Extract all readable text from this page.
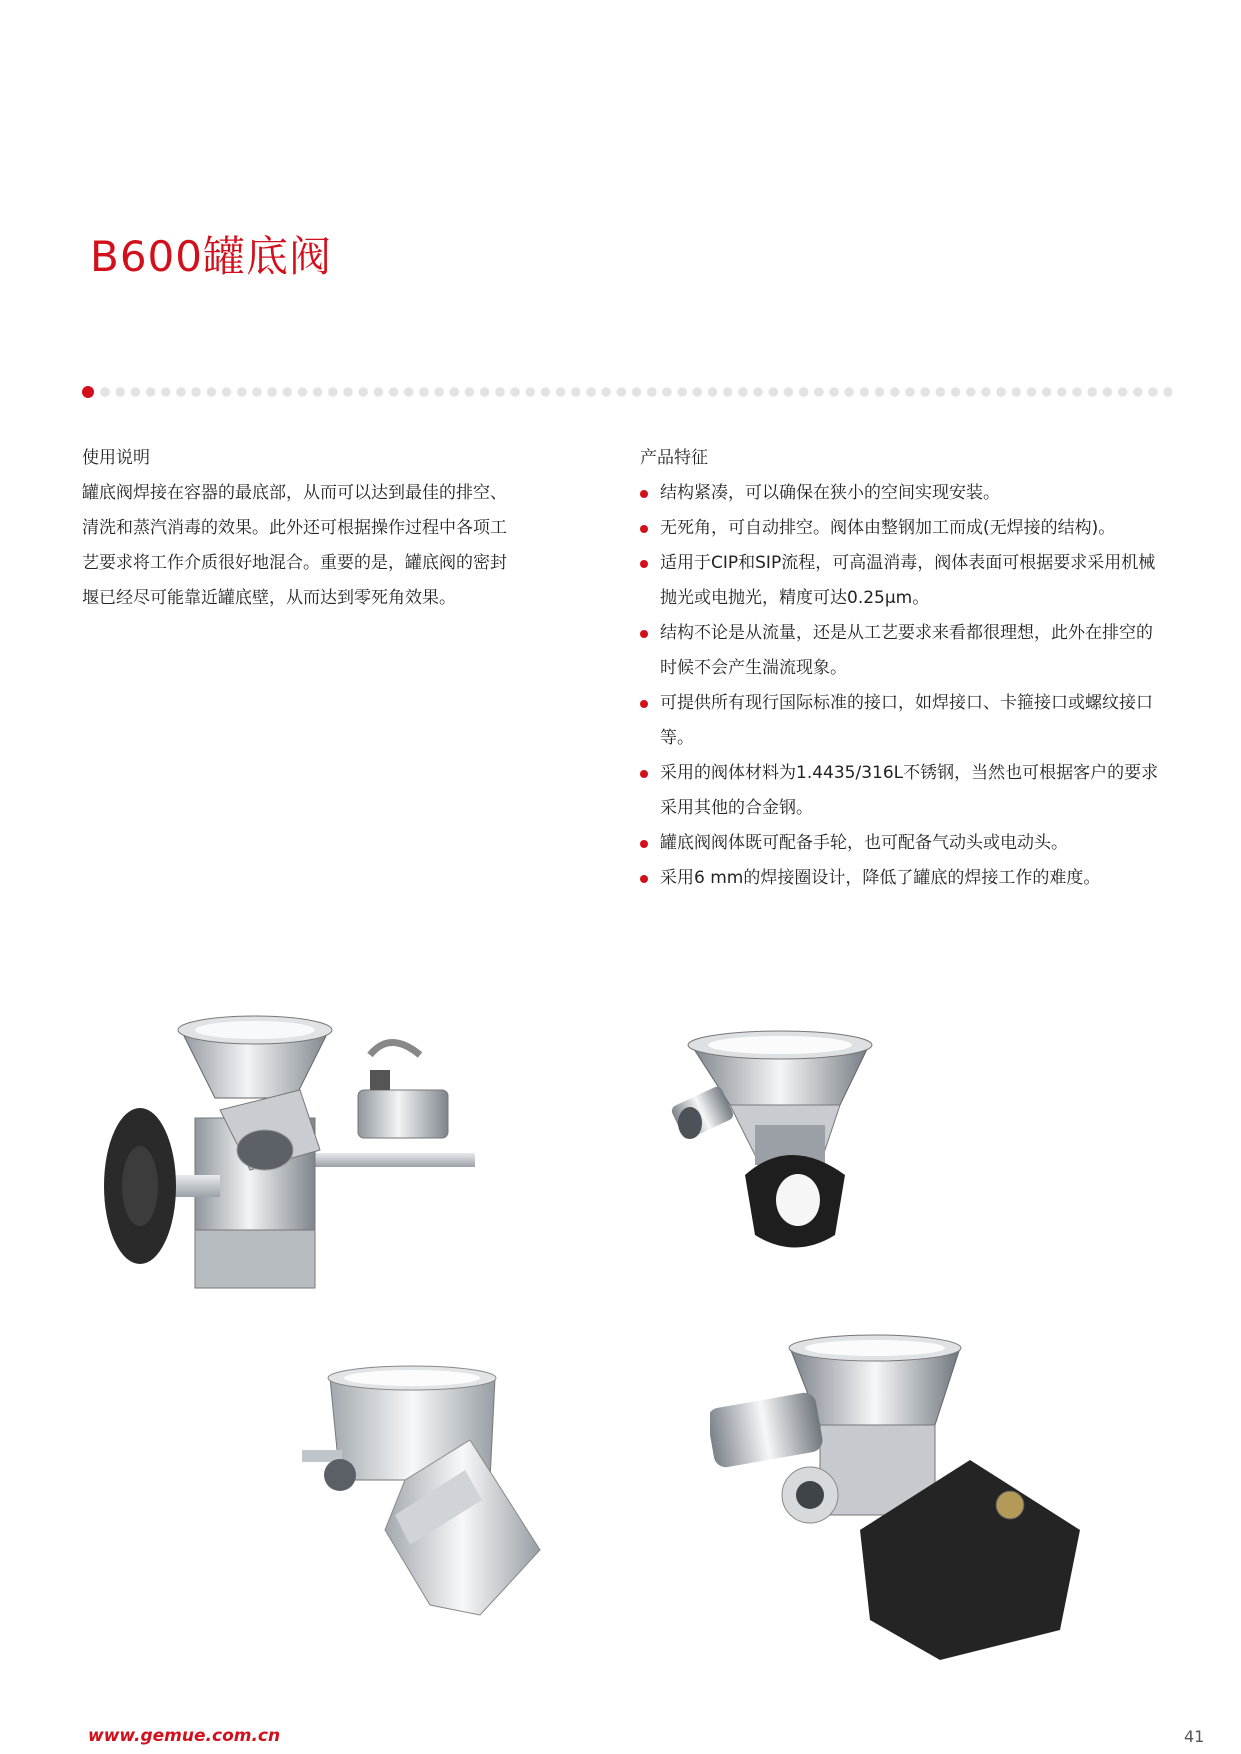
B600罐底阀

使用说明

罐底阀焊接在容器的最底部，从而可以达到最佳的排空、清洗和蒸汽消毒的效果。此外还可根据操作过程中各项工艺要求将工作介质很好地混合。重要的是，罐底阀的密封堰已经尽可能靠近罐底壁，从而达到零死角效果。

产品特征

结构紧凑，可以确保在狭小的空间实现安装。
无死角，可自动排空。阀体由整钢加工而成(无焊接的结构)。
适用于CIP和SIP流程，可高温消毒，阀体表面可根据要求采用机械抛光或电抛光，精度可达0.25μm。
结构不论是从流量，还是从工艺要求来看都很理想，此外在排空的时候不会产生湍流现象。
可提供所有现行国际标准的接口，如焊接口、卡箍接口或螺纹接口等。
采用的阀体材料为1.4435/316L不锈钢，当然也可根据客户的要求采用其他的合金钢。
罐底阀阀体既可配备手轮，也可配备气动头或电动头。
采用6 mm的焊接圈设计，降低了罐底的焊接工作的难度。
www.gemue.com.cn	41
